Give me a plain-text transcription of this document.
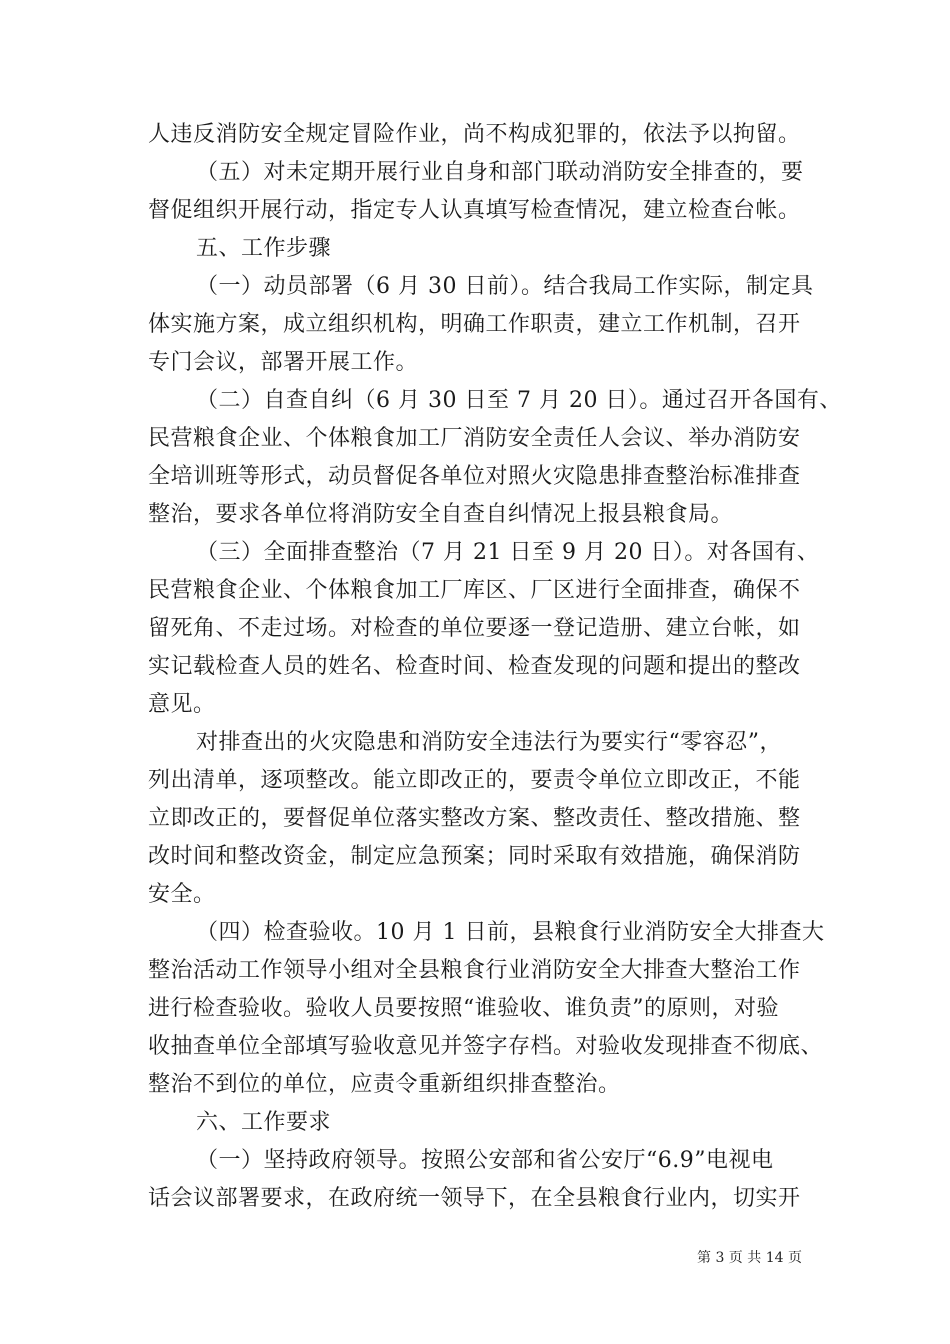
人违反消防安全规定冒险作业，尚不构成犯罪的，依法予以拘留。
（五）对未定期开展行业自身和部门联动消防安全排查的，要
督促组织开展行动，指定专人认真填写检查情况，建立检查台帐。
五、工作步骤
（一）动员部署（6 月 30 日前）。结合我局工作实际，制定具
体实施方案，成立组织机构，明确工作职责，建立工作机制，召开
专门会议，部署开展工作。
（二）自查自纠（6 月 30 日至 7 月 20 日）。通过召开各国有、
民营粮食企业、个体粮食加工厂消防安全责任人会议、举办消防安
全培训班等形式，动员督促各单位对照火灾隐患排查整治标准排查
整治，要求各单位将消防安全自查自纠情况上报县粮食局。
（三）全面排查整治（7 月 21 日至 9 月 20 日）。对各国有、
民营粮食企业、个体粮食加工厂库区、厂区进行全面排查，确保不
留死角、不走过场。对检查的单位要逐一登记造册、建立台帐，如
实记载检查人员的姓名、检查时间、检查发现的问题和提出的整改
意见。
对排查出的火灾隐患和消防安全违法行为要实行“零容忍”，
列出清单，逐项整改。能立即改正的，要责令单位立即改正，不能
立即改正的，要督促单位落实整改方案、整改责任、整改措施、整
改时间和整改资金，制定应急预案；同时采取有效措施，确保消防
安全。
（四）检查验收。10 月 1 日前，县粮食行业消防安全大排查大
整治活动工作领导小组对全县粮食行业消防安全大排查大整治工作
进行检查验收。验收人员要按照“谁验收、谁负责”的原则，对验
收抽查单位全部填写验收意见并签字存档。对验收发现排查不彻底、
整治不到位的单位，应责令重新组织排查整治。
六、工作要求
（一）坚持政府领导。按照公安部和省公安厅“6.9”电视电
话会议部署要求，在政府统一领导下，在全县粮食行业内，切实开
第 3 页 共 14 页
